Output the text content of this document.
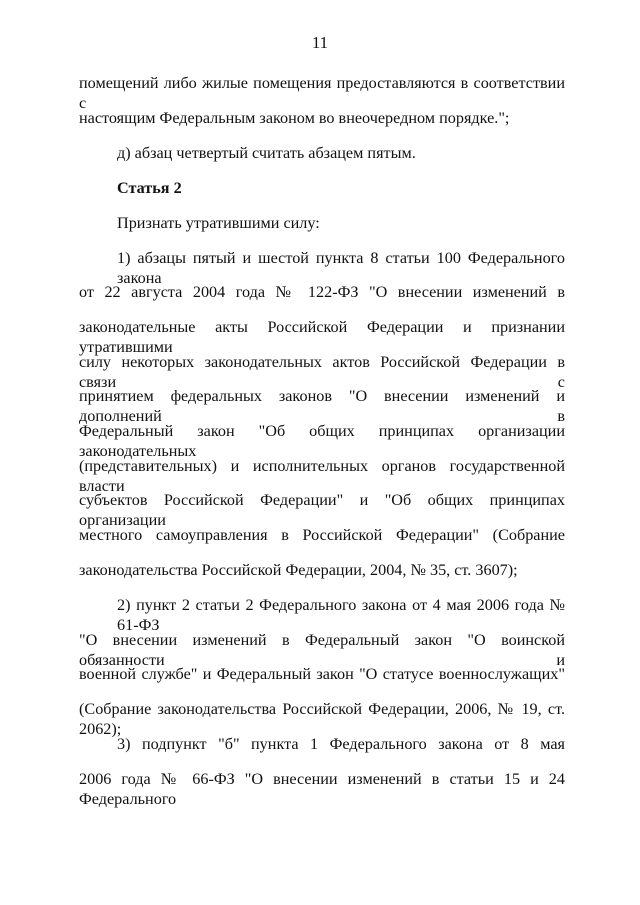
11
помещений либо жилые помещения предоставляются в соответствии с
настоящим Федеральным законом во внеочередном порядке.";
д) абзац четвертый считать абзацем пятым.
Статья 2
Признать утратившими силу:
1) абзацы пятый и шестой пункта 8 статьи 100 Федерального закона
от 22 августа 2004 года № 122-ФЗ "О внесении изменений в
законодательные акты Российской Федерации и признании утратившими
силу некоторых законодательных актов Российской Федерации в связи с
принятием федеральных законов "О внесении изменений и дополнений в
Федеральный закон "Об общих принципах организации законодательных
(представительных) и исполнительных органов государственной власти
субъектов Российской Федерации" и "Об общих принципах организации
местного самоуправления в Российской Федерации" (Собрание
законодательства Российской Федерации, 2004, № 35, ст. 3607);
2) пункт 2 статьи 2 Федерального закона от 4 мая 2006 года № 61-ФЗ
"О внесении изменений в Федеральный закон "О воинской обязанности и
военной службе" и Федеральный закон "О статусе военнослужащих"
(Собрание законодательства Российской Федерации, 2006, № 19, ст. 2062);
3) подпункт "б" пункта 1 Федерального закона от 8 мая
2006 года № 66-ФЗ "О внесении изменений в статьи 15 и 24 Федерального
